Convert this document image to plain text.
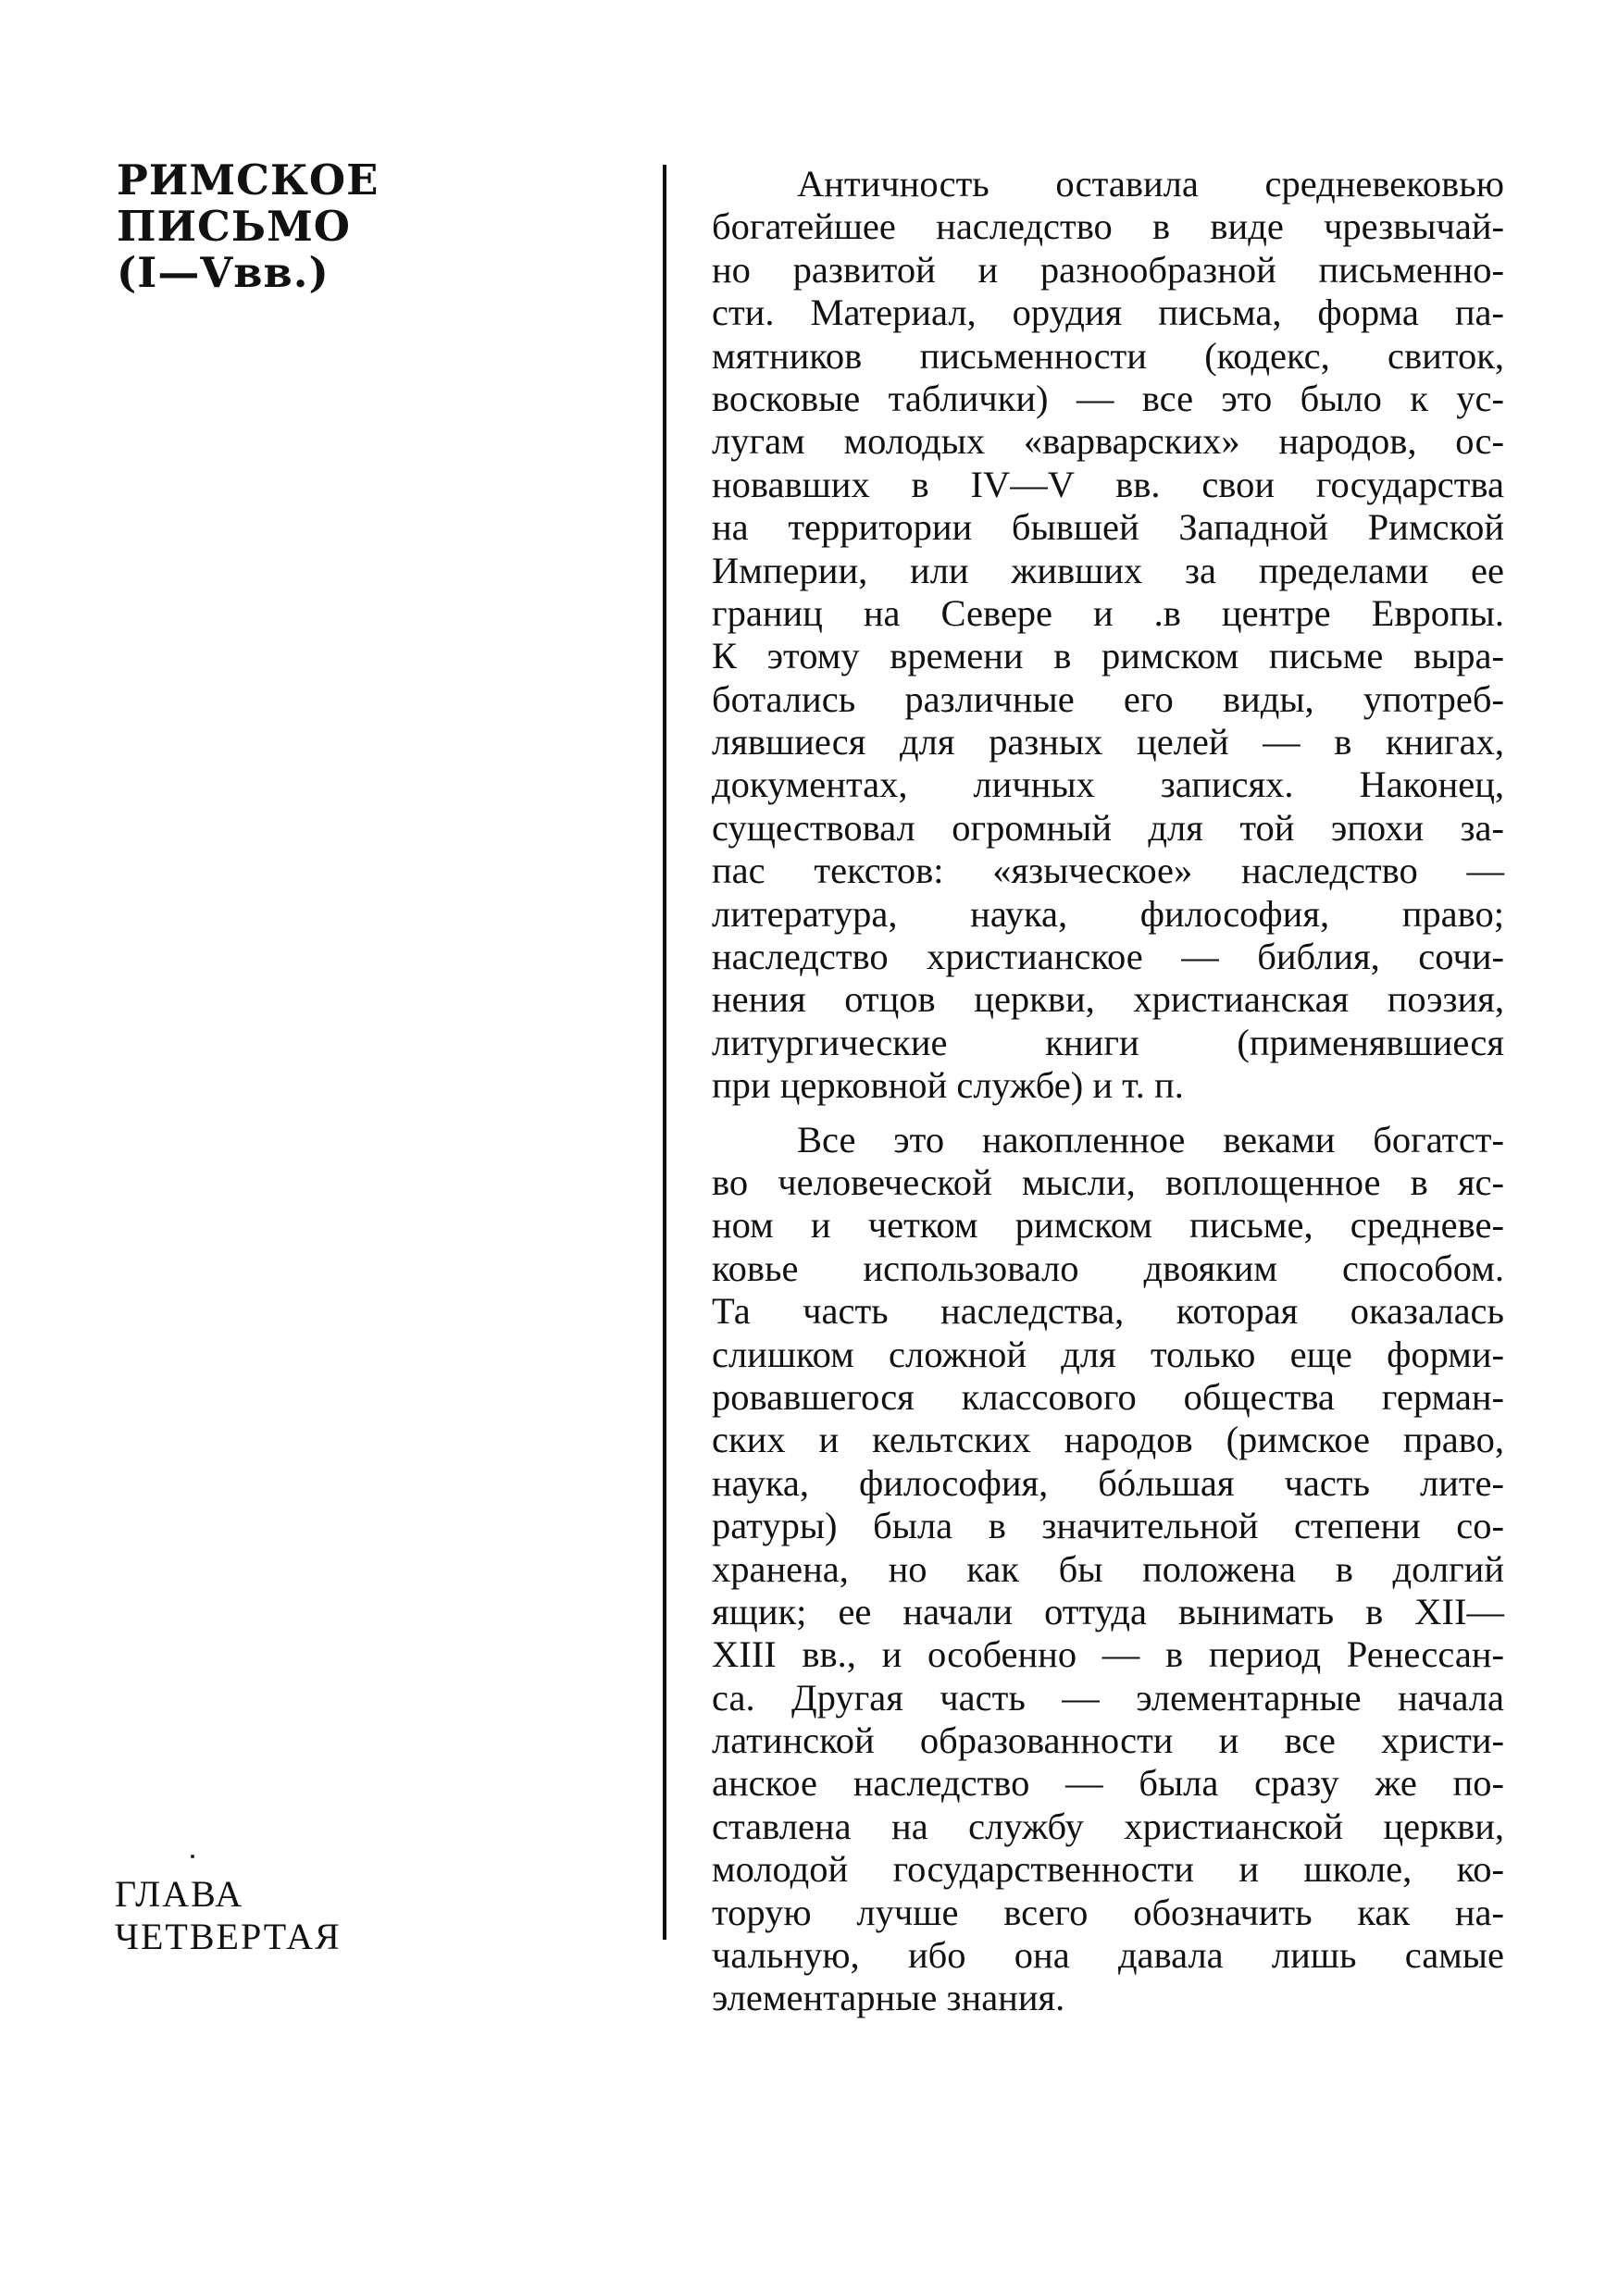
РИМСКОЕ
ПИСЬМО
(I—Vвв.)
ГЛАВА
ЧЕТВЕРТАЯ
Античность оставила средневековью
богатейшее наследство в виде чрезвычай-
но развитой и разнообразной письменно-
сти. Материал, орудия письма, форма па-
мятников письменности (кодекс, свиток,
восковые таблички) — все это было к ус-
лугам молодых «варварских» народов, ос-
новавших в IV—V вв. свои государства
на территории бывшей Западной Римской
Империи, или живших за пределами ее
границ на Севере и .в центре Европы.
К этому времени в римском письме выра-
ботались различные его виды, употреб-
лявшиеся для разных целей — в книгах,
документах, личных записях. Наконец,
существовал огромный для той эпохи за-
пас текстов: «языческое» наследство —
литература, наука, философия, право;
наследство христианское — библия, сочи-
нения отцов церкви, христианская поэзия,
литургические книги (применявшиеся
при церковной службе) и т. п.
Все это накопленное веками богатст-
во человеческой мысли, воплощенное в яс-
ном и четком римском письме, средневе-
ковье использовало двояким способом.
Та часть наследства, которая оказалась
слишком сложной для только еще форми-
ровавшегося классового общества герман-
ских и кельтских народов (римское право,
наука, философия, бóльшая часть лите-
ратуры) была в значительной степени со-
хранена, но как бы положена в долгий
ящик; ее начали оттуда вынимать в XII—
XIII вв., и особенно — в период Ренессан-
са. Другая часть — элементарные начала
латинской образованности и все христи-
анское наследство — была сразу же по-
ставлена на службу христианской церкви,
молодой государственности и школе, ко-
торую лучше всего обозначить как на-
чальную, ибо она давала лишь самые
элементарные знания.
